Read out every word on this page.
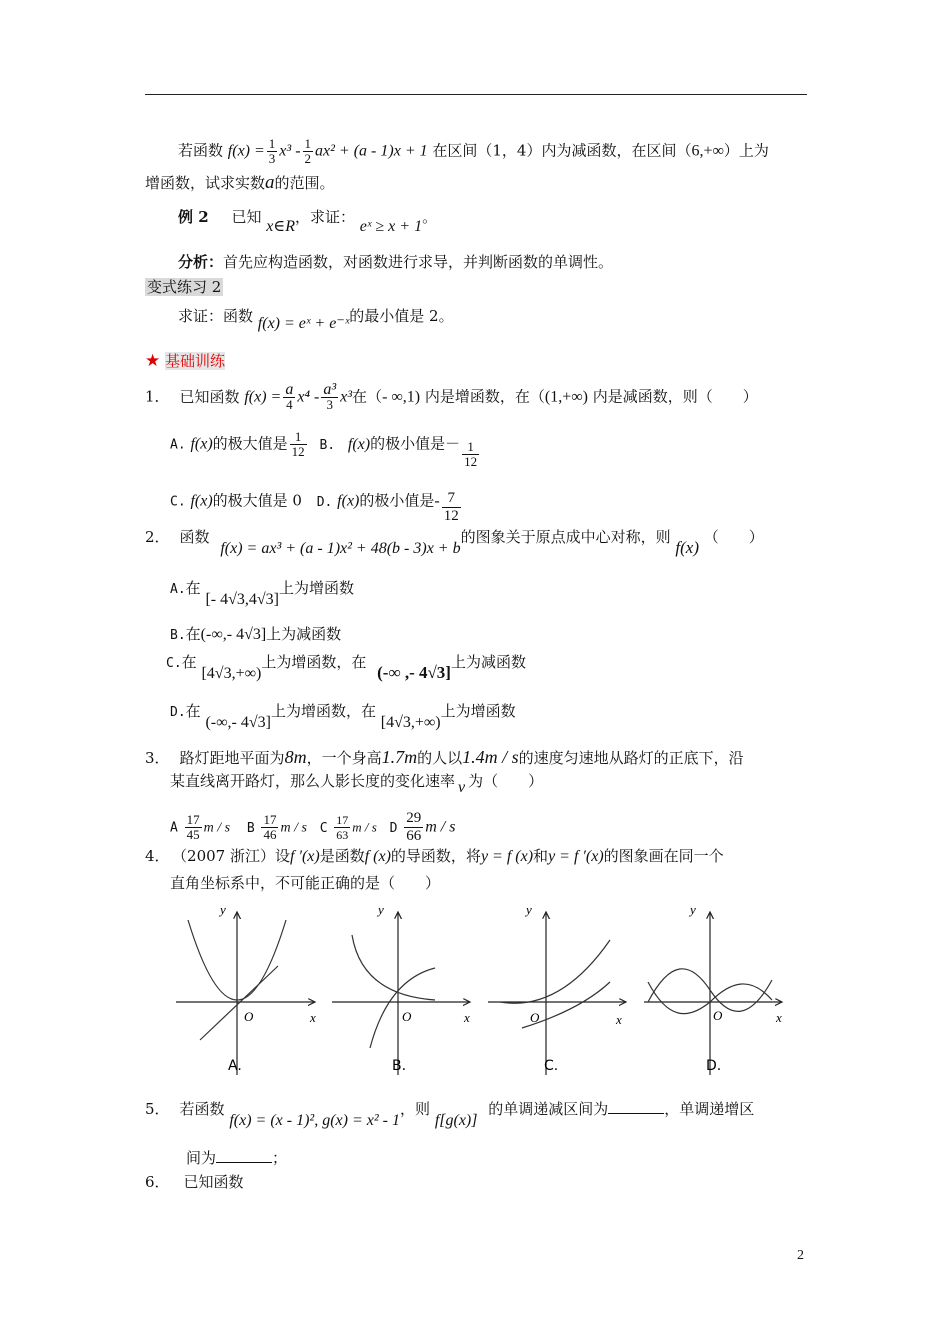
若函数 $f(x) = \frac{1}{3} x^3 - \frac{1}{2} ax^2 + (a - 1)x + 1$ 在区间（1，4）内为减函数，在区间（6,+∞）上为
增函数，试求实数a的范围。
例 2 已知 x∈R，求证： eˣ ≥ x + 1。
分析：首先应构造函数，对函数进行求导，并判断函数的单调性。
变式练习 2
求证：函数 f(x) = eˣ + e⁻ˣ的最小值是 2。
★ 基础训练
1． 已知函数 $f(x) = \frac{a}{4} x^4 - \frac{\text{a³}}{3} x^3$在（- ∞,1) 内是增函数，在（(1,+∞) 内是减函数，则（　　）
A. f(x)的极大值是 $\frac{1}{12} B$. f(x)的极小值是－ $\frac{1}{12}$
C. f(x)的极大值是 0 D. f(x)的极小值是- $\frac{7}{12}$
2． 函数 f(x) = ax³ + (a - 1)x² + 48(b - 3)x + b的图象关于原点成中心对称，则 f(x) （　　）
A.在 [- 4√3,4√3]上为增函数
B.在(-∞,- 4√3]上为减函数
C.在 [4√3,+∞)上为增函数，在 (-∞ ,- 4√3]上为减函数
D.在 (-∞,- 4√3]上为增函数，在 [4√3,+∞)上为增函数
3． 路灯距地平面为8m，一个身高1.7m的人以1.4m / s的速度匀速地从路灯的正底下，沿
某直线离开路灯，那么人影长度的变化速率 v 为（　　）
A $\frac{17}{45}$ m / s B $\frac{17}{46}$ m / s C $\frac{17}{63}$ m / s D $\frac{29}{66}$ m / s
4． （2007 浙江）设f ′(x)是函数f (x)的导函数，将y = f (x)和y = f ′(x)的图象画在同一个
直角坐标系中，不可能正确的是（　　）
y
x
O
A.
y
x
O
B.
y
x
O
C.
y
x
O
D.
5． 若函数 f(x) = (x - 1)², g(x) = x² - 1，则 f[g(x)] 的单调递减区间为	，单调递增区
间为	；
6． 已知函数
2
